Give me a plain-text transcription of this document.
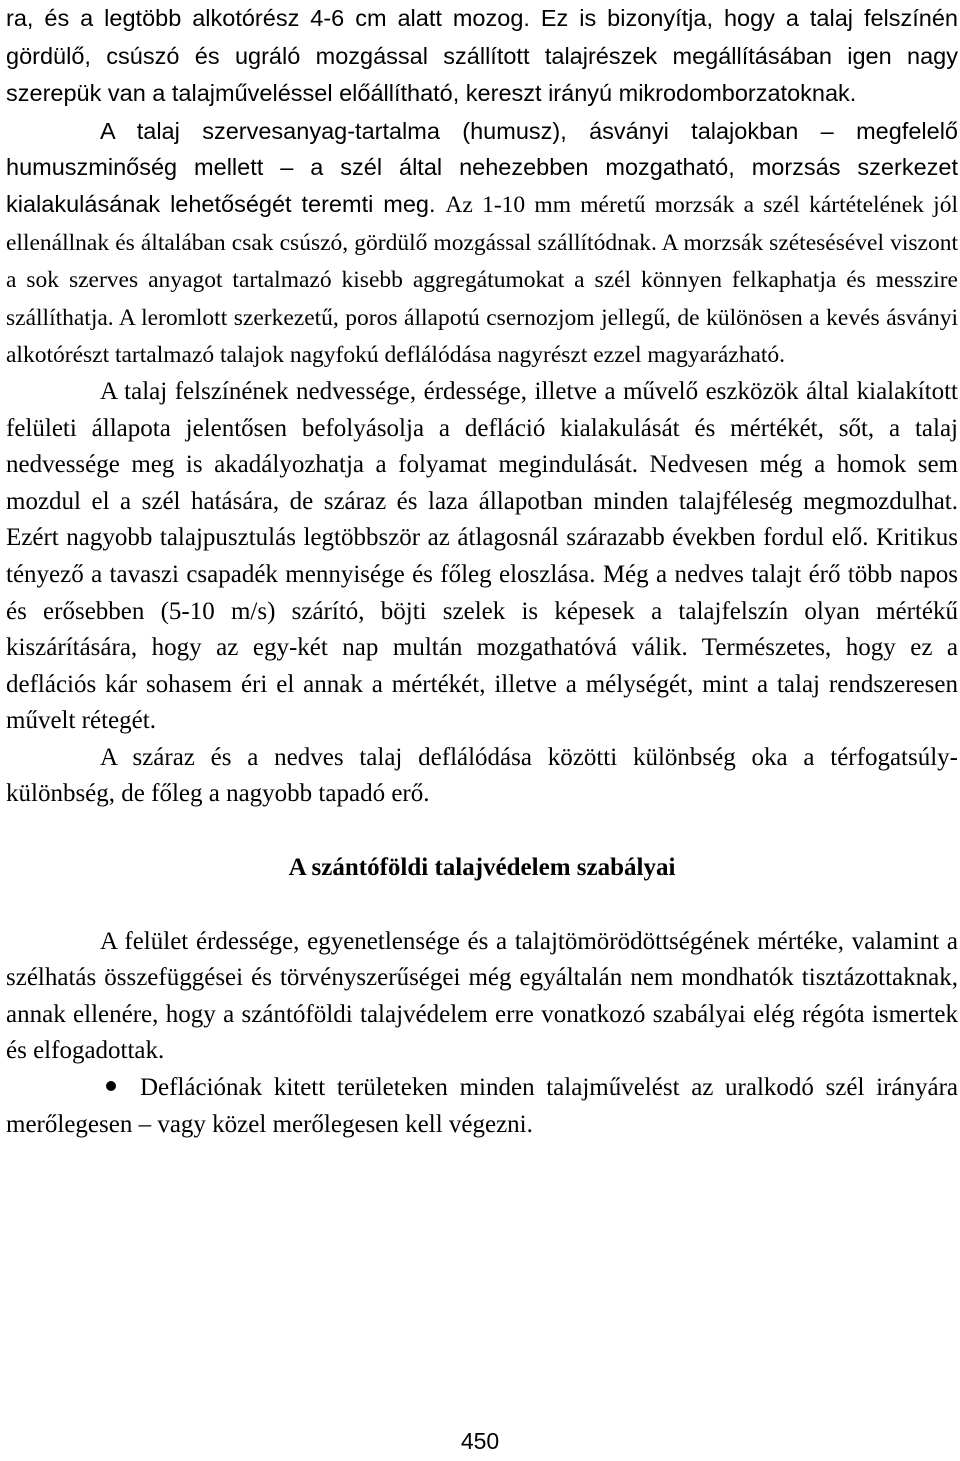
ra, és a legtöbb alkotórész 4-6 cm alatt mozog. Ez is bizonyítja, hogy a talaj felszínén gördülő, csúszó és ugráló mozgással szállított talajrészek megállításában igen nagy szerepük van a talajműveléssel előállítható, kereszt irányú mikrodomborzatoknak.
A talaj szervesanyag-tartalma (humusz), ásványi talajokban – megfelelő humuszminőség mellett – a szél által nehezebben mozgatható, morzsás szerkezet kialakulásának lehetőségét teremti meg. Az 1-10 mm méretű morzsák a szél kártételének jól ellenállnak és általában csak csúszó, gördülő mozgással szállítódnak. A morzsák szétesésével viszont a sok szerves anyagot tartalmazó kisebb aggregátumokat a szél könnyen felkaphatja és messzire szállíthatja. A leromlott szerkezetű, poros állapotú csernozjom jellegű, de különösen a kevés ásványi alkotórészt tartalmazó talajok nagyfokú deflálódása nagyrészt ezzel magyarázható.

A talaj felszínének nedvessége, érdessége, illetve a művelő eszközök által kialakított felületi állapota jelentősen befolyásolja a defláció kialakulását és mértékét, sőt, a talaj nedvessége meg is akadályozhatja a folyamat megindulását. Nedvesen még a homok sem mozdul el a szél hatására, de száraz és laza állapotban minden talajféleség megmozdulhat. Ezért nagyobb talajpusztulás legtöbbször az átlagosnál szárazabb években fordul elő. Kritikus tényező a tavaszi csapadék mennyisége és főleg eloszlása. Még a nedves talajt érő több napos és erősebben (5-10 m/s) szárító, böjti szelek is képesek a talajfelszín olyan mértékű kiszárítására, hogy az egy-két nap multán mozgathatóvá válik. Természetes, hogy ez a deflációs kár sohasem éri el annak a mértékét, illetve a mélységét, mint a talaj rendszeresen művelt rétegét.

A száraz és a nedves talaj deflálódása közötti különbség oka a térfogatsúly-különbség, de főleg a nagyobb tapadó erő.

A szántóföldi talajvédelem szabályai

A felület érdessége, egyenetlensége és a talajtömörödöttségének mértéke, valamint a szélhatás összefüggései és törvényszerűségei még egyáltalán nem mondhatók tisztázottaknak, annak ellenére, hogy a szántóföldi talajvédelem erre vonatkozó szabályai elég régóta ismertek és elfogadottak.

Deflációnak kitett területeken minden talajművelést az uralkodó szél irányára merőlegesen – vagy közel merőlegesen kell végezni.
450
